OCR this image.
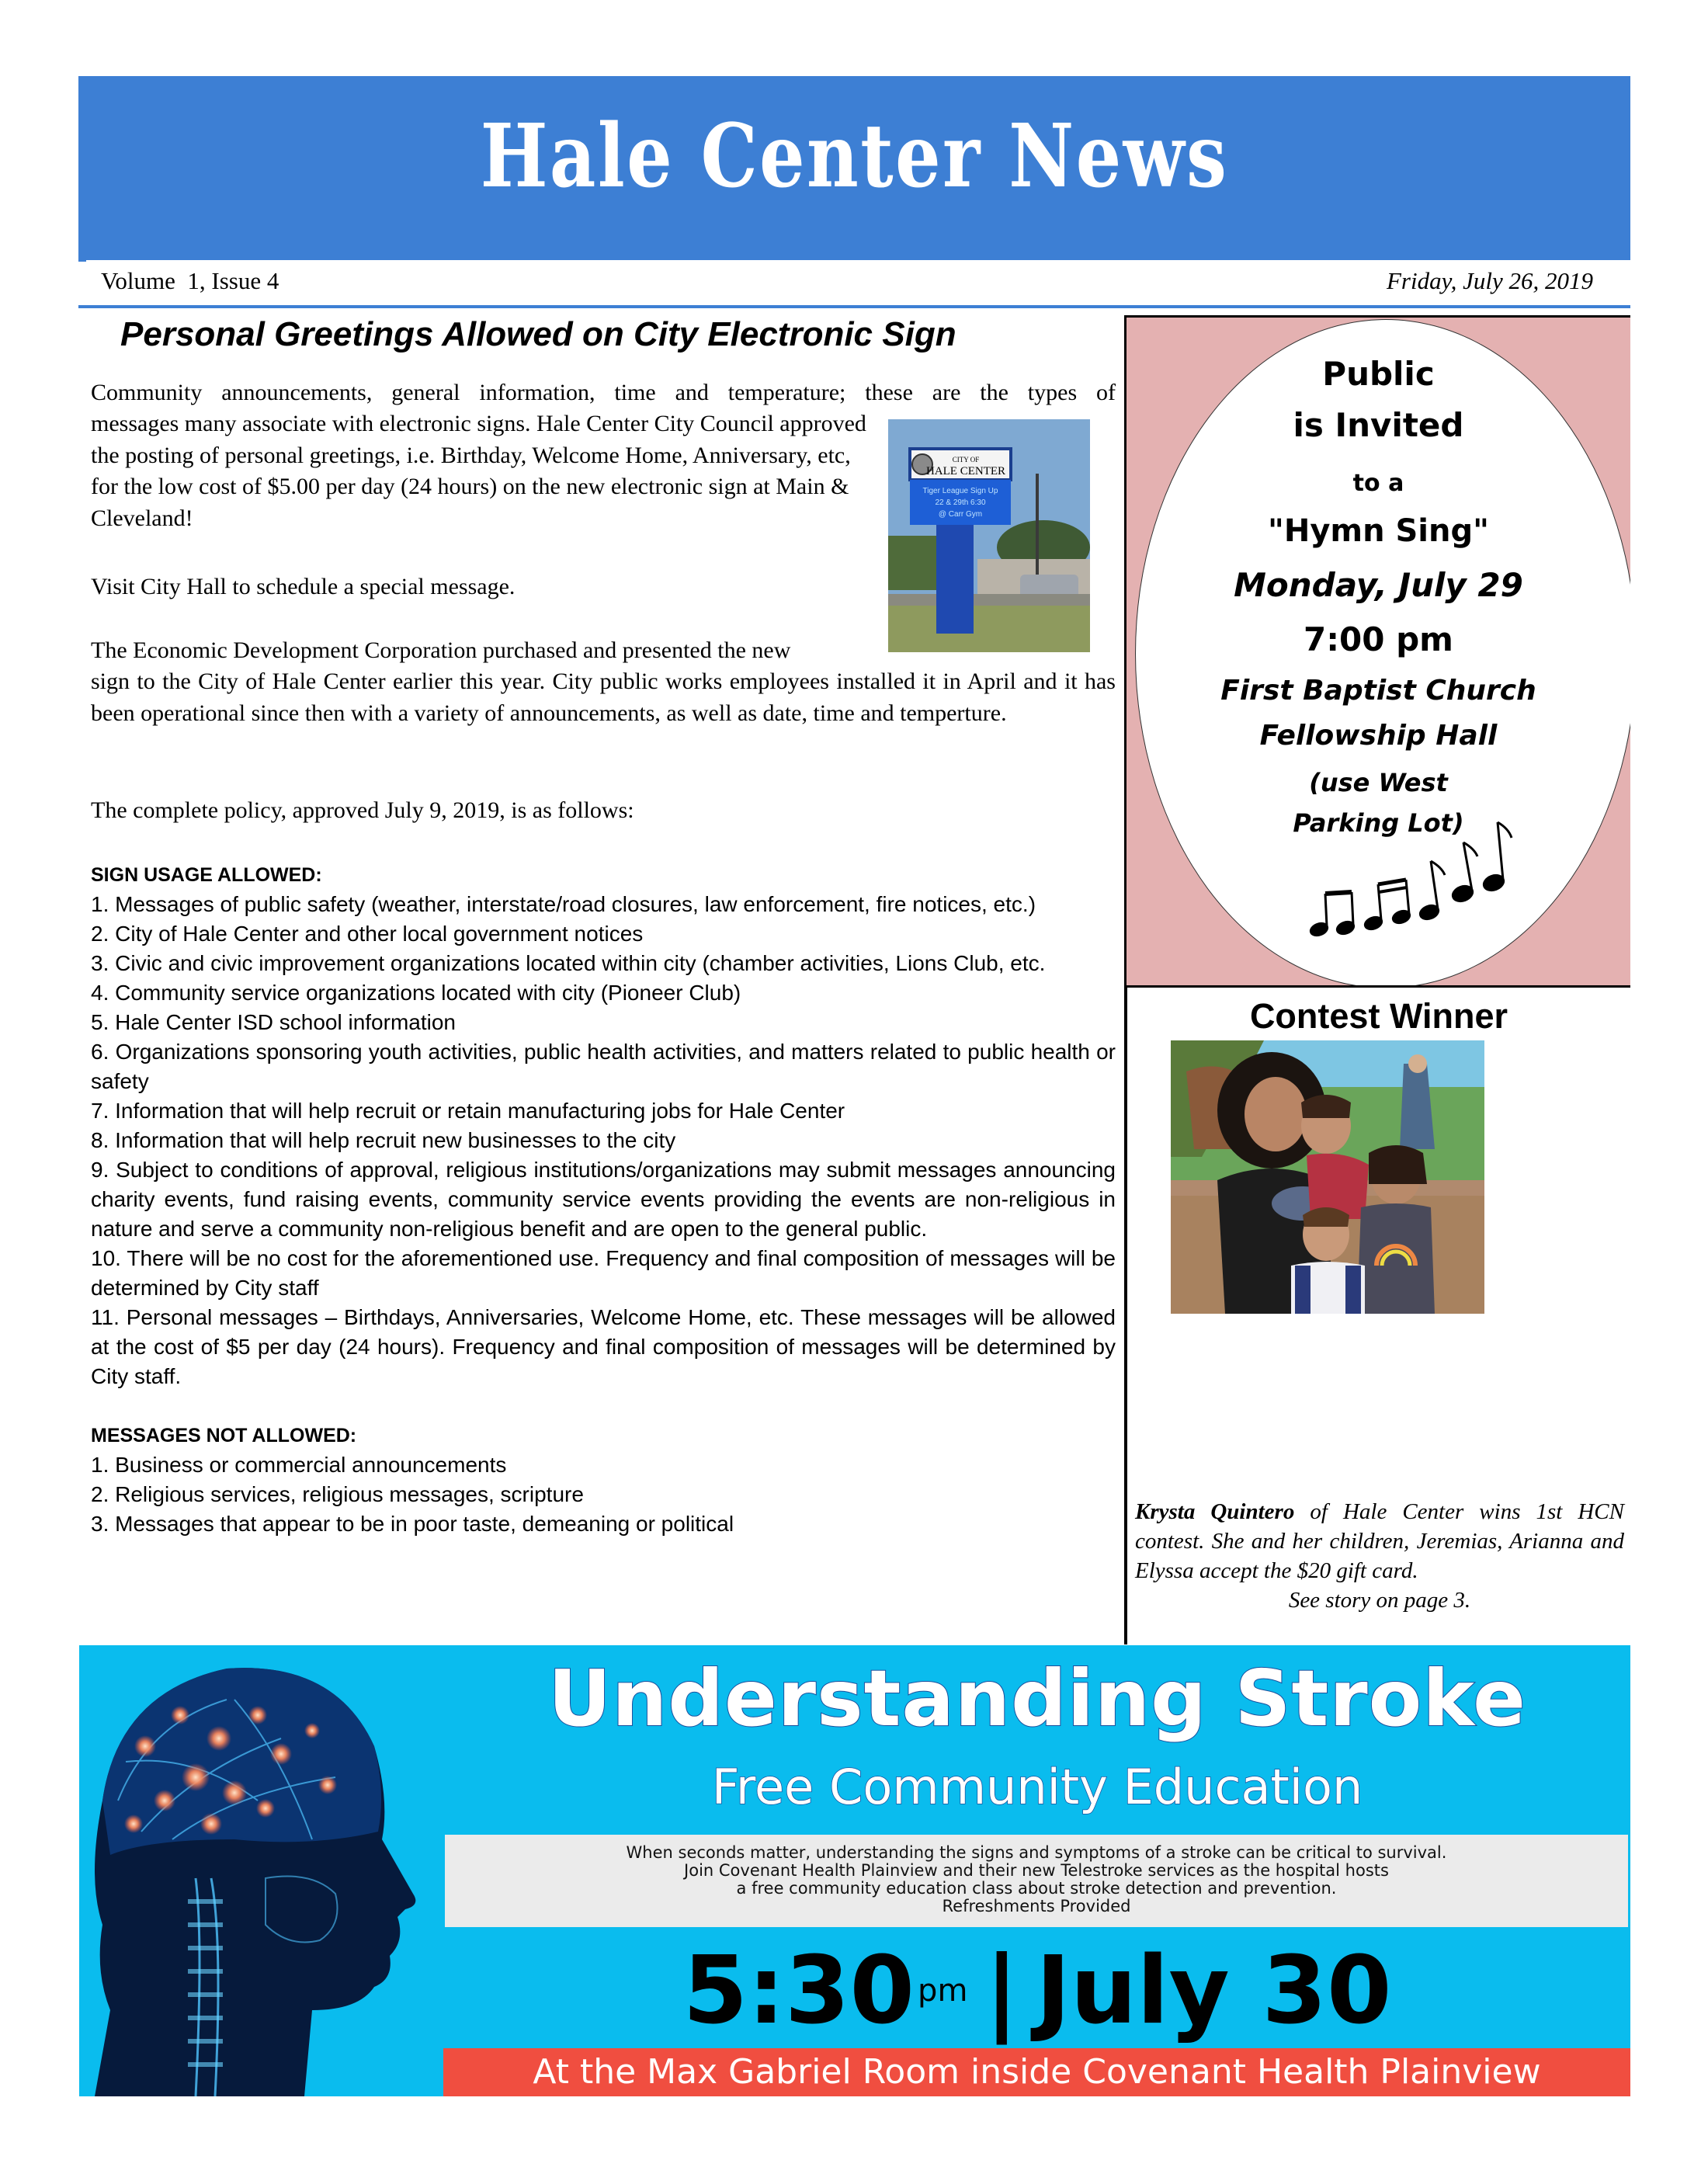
Hale Center News
Volume  1, Issue 4	Friday, July 26, 2019
Personal Greetings Allowed on City Electronic Sign
Community announcements, general information, time and temperature; these are the types of
messages many associate with electronic signs. Hale Center City Council approved the posting of personal greetings, i.e. Birthday, Welcome Home, Anniversary, etc, for the low cost of $5.00 per day (24 hours) on the new electronic sign at Main & Cleveland!
Visit City Hall to schedule a special message.
The Economic Development Corporation purchased and presented the new
sign to the City of Hale Center earlier this year. City public works employees installed it in April and it has been operational since then with a variety of announcements, as well as date, time and temperture.
The complete policy, approved July 9, 2019, is as follows:
CITY OF
HALE CENTER
Tiger League Sign Up
22 & 29th 6:30
@ Carr Gym
SIGN USAGE ALLOWED:
1. Messages of public safety (weather, interstate/road closures, law enforcement, fire notices, etc.)
2. City of Hale Center and other local government notices
3. Civic and civic improvement organizations located within city (chamber activities, Lions Club, etc.
4. Community service organizations located with city (Pioneer Club)
5. Hale Center ISD school information
6. Organizations sponsoring youth activities, public health activities, and matters related to public health or safety
7. Information that will help recruit or retain manufacturing jobs for Hale Center
8. Information that will help recruit new businesses to the city
9. Subject to conditions of approval, religious institutions/organizations may submit messages announcing charity events, fund raising events, community service events providing the events are non-religious in nature and serve a community non-religious benefit and are open to the general public.
10. There will be no cost for the aforementioned use. Frequency and final composition of messages will be determined by City staff
11. Personal messages – Birthdays, Anniversaries, Welcome Home, etc. These messages will be allowed at the cost of $5 per day (24 hours). Frequency and final composition of messages will be determined by City staff.
MESSAGES NOT ALLOWED:
1. Business or commercial announcements
2. Religious services, religious messages, scripture
3. Messages that appear to be in poor taste, demeaning or political
Public
is Invited
to a
"Hymn Sing"
Monday, July 29
7:00 pm
First Baptist Church
Fellowship Hall
(use West
Parking Lot)
Contest Winner
Krysta Quintero of Hale Center wins 1st HCN contest. She and her children, Jeremias, Arianna and Elyssa accept the $20 gift card.
See story on page 3.
Understanding Stroke
Free Community Education
When seconds matter, understanding the signs and symptoms of a stroke can be critical to survival.
Join Covenant Health Plainview and their new Telestroke services as the hospital hosts
a free community education class about stroke detection and prevention.
Refreshments Provided
5:30 $^{pm}$ | July 30
At the Max Gabriel Room inside Covenant Health Plainview
